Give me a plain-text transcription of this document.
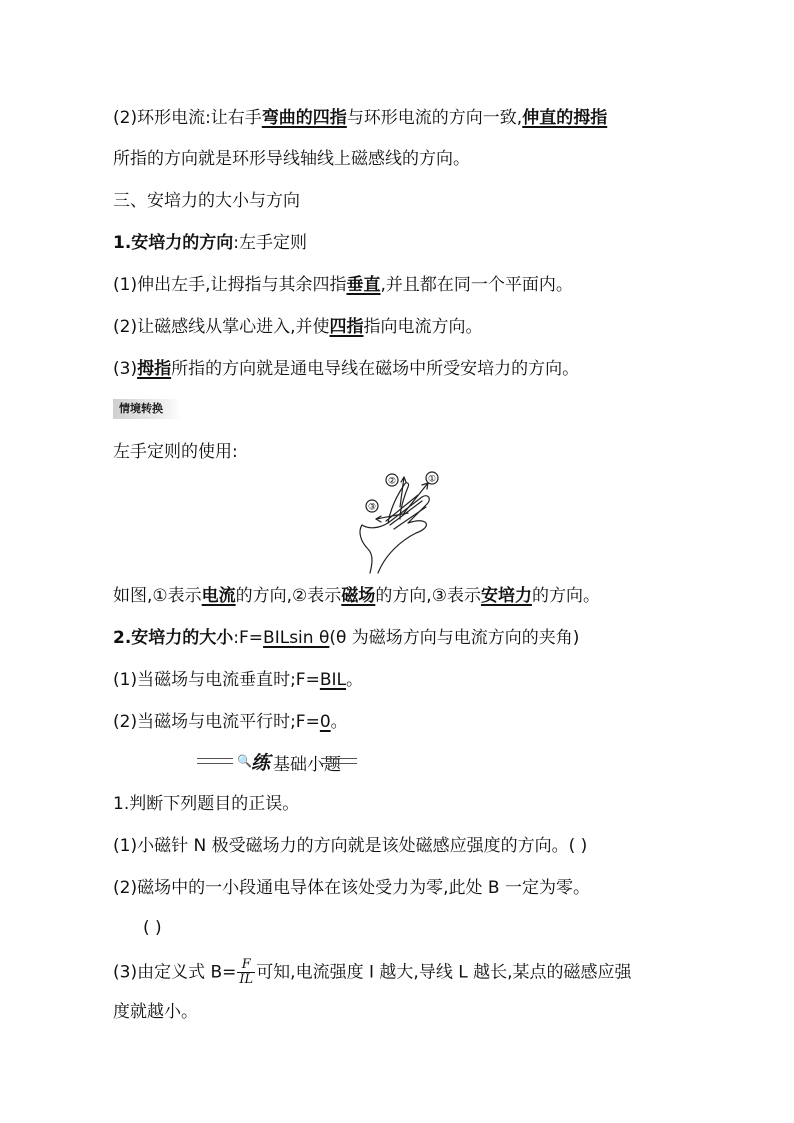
(2)环形电流:让右手弯曲的四指与环形电流的方向一致,伸直的拇指
所指的方向就是环形导线轴线上磁感线的方向。
三、安培力的大小与方向
1.安培力的方向:左手定则
(1)伸出左手,让拇指与其余四指垂直,并且都在同一个平面内。
(2)让磁感线从掌心进入,并使四指指向电流方向。
(3)拇指所指的方向就是通电导线在磁场中所受安培力的方向。
情境转换
左手定则的使用:
①
②
③
如图,①表示电流的方向,②表示磁场的方向,③表示安培力的方向。
2.安培力的大小:F=BILsin θ(θ 为磁场方向与电流方向的夹角)
(1)当磁场与电流垂直时;F=BIL。
(2)当磁场与电流平行时;F=0。
🔍 练 基础小题
1.判断下列题目的正误。
(1)小磁针 N 极受磁场力的方向就是该处磁感应强度的方向。( )
(2)磁场中的一小段通电导体在该处受力为零,此处 B 一定为零。
( )
(3)由定义式 $B= \frac{F}{IL}$ 可知,电流强度 I 越大,导线 L 越长,某点的磁感应强
度就越小。
